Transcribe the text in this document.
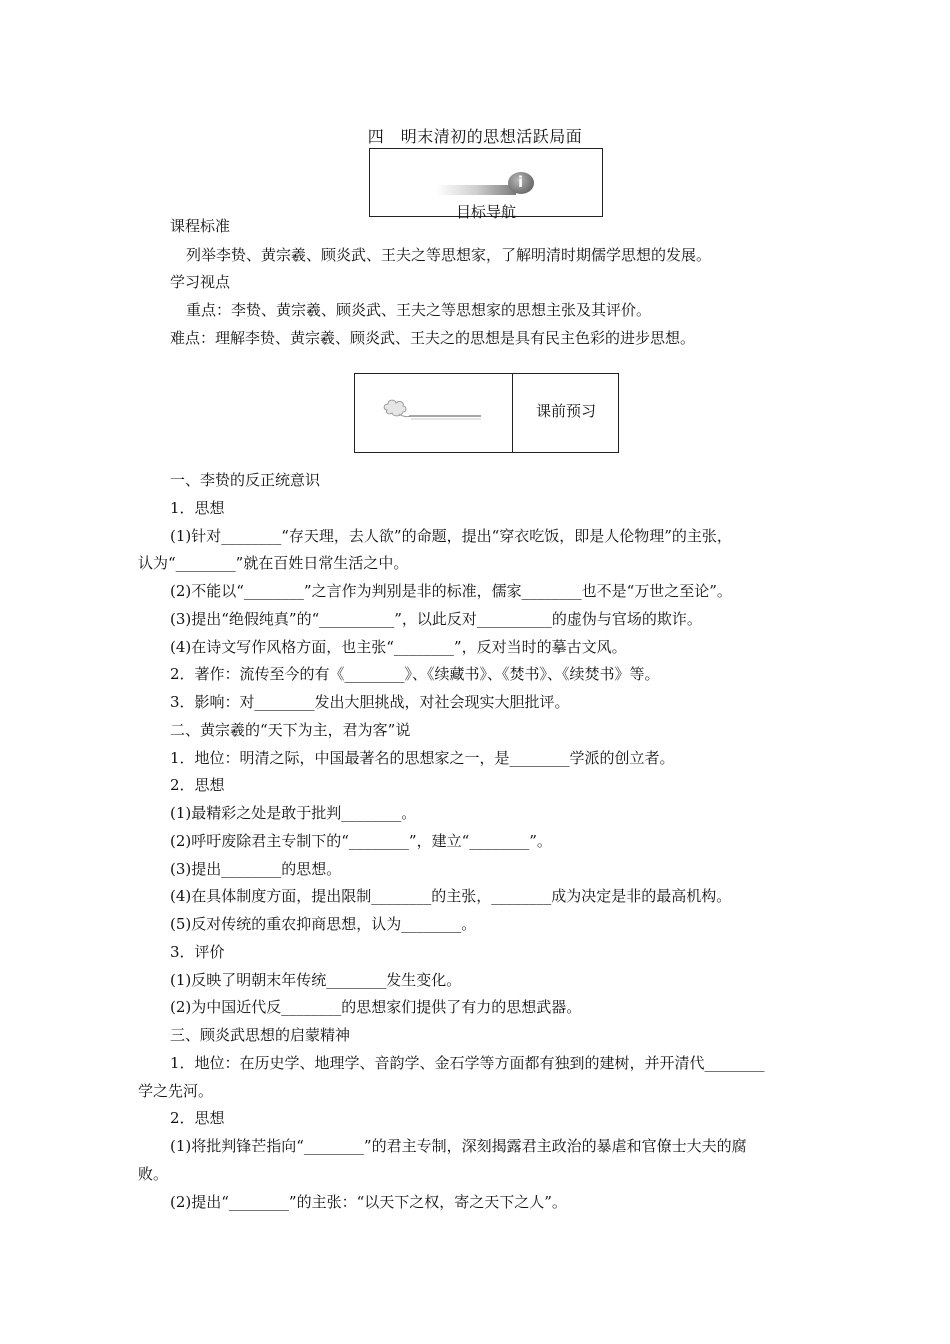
四　明末清初的思想活跃局面
i
目标导航
课程标准
列举李贽、黄宗羲、顾炎武、王夫之等思想家，了解明清时期儒学思想的发展。
学习视点
重点：李贽、黄宗羲、顾炎武、王夫之等思想家的思想主张及其评价。
难点：理解李贽、黄宗羲、顾炎武、王夫之的思想是具有民主色彩的进步思想。
课前预习
一、李贽的反正统意识
1．思想
(1)针对________“存天理，去人欲”的命题，提出“穿衣吃饭，即是人伦物理”的主张，
认为“________”就在百姓日常生活之中。
(2)不能以“________”之言作为判别是非的标准，儒家________也不是“万世之至论”。
(3)提出“绝假纯真”的“__________”，以此反对__________的虚伪与官场的欺诈。
(4)在诗文写作风格方面，也主张“________”，反对当时的摹古文风。
2．著作：流传至今的有《________》、《续藏书》、《焚书》、《续焚书》等。
3．影响：对________发出大胆挑战，对社会现实大胆批评。
二、黄宗羲的“天下为主，君为客”说
1．地位：明清之际，中国最著名的思想家之一，是________学派的创立者。
2．思想
(1)最精彩之处是敢于批判________。
(2)呼吁废除君主专制下的“________”，建立“________”。
(3)提出________的思想。
(4)在具体制度方面，提出限制________的主张，________成为决定是非的最高机构。
(5)反对传统的重农抑商思想，认为________。
3．评价
(1)反映了明朝末年传统________发生变化。
(2)为中国近代反________的思想家们提供了有力的思想武器。
三、顾炎武思想的启蒙精神
1．地位：在历史学、地理学、音韵学、金石学等方面都有独到的建树，并开清代________
学之先河。
2．思想
(1)将批判锋芒指向“________”的君主专制，深刻揭露君主政治的暴虐和官僚士大夫的腐
败。
(2)提出“________”的主张：“以天下之权，寄之天下之人”。
